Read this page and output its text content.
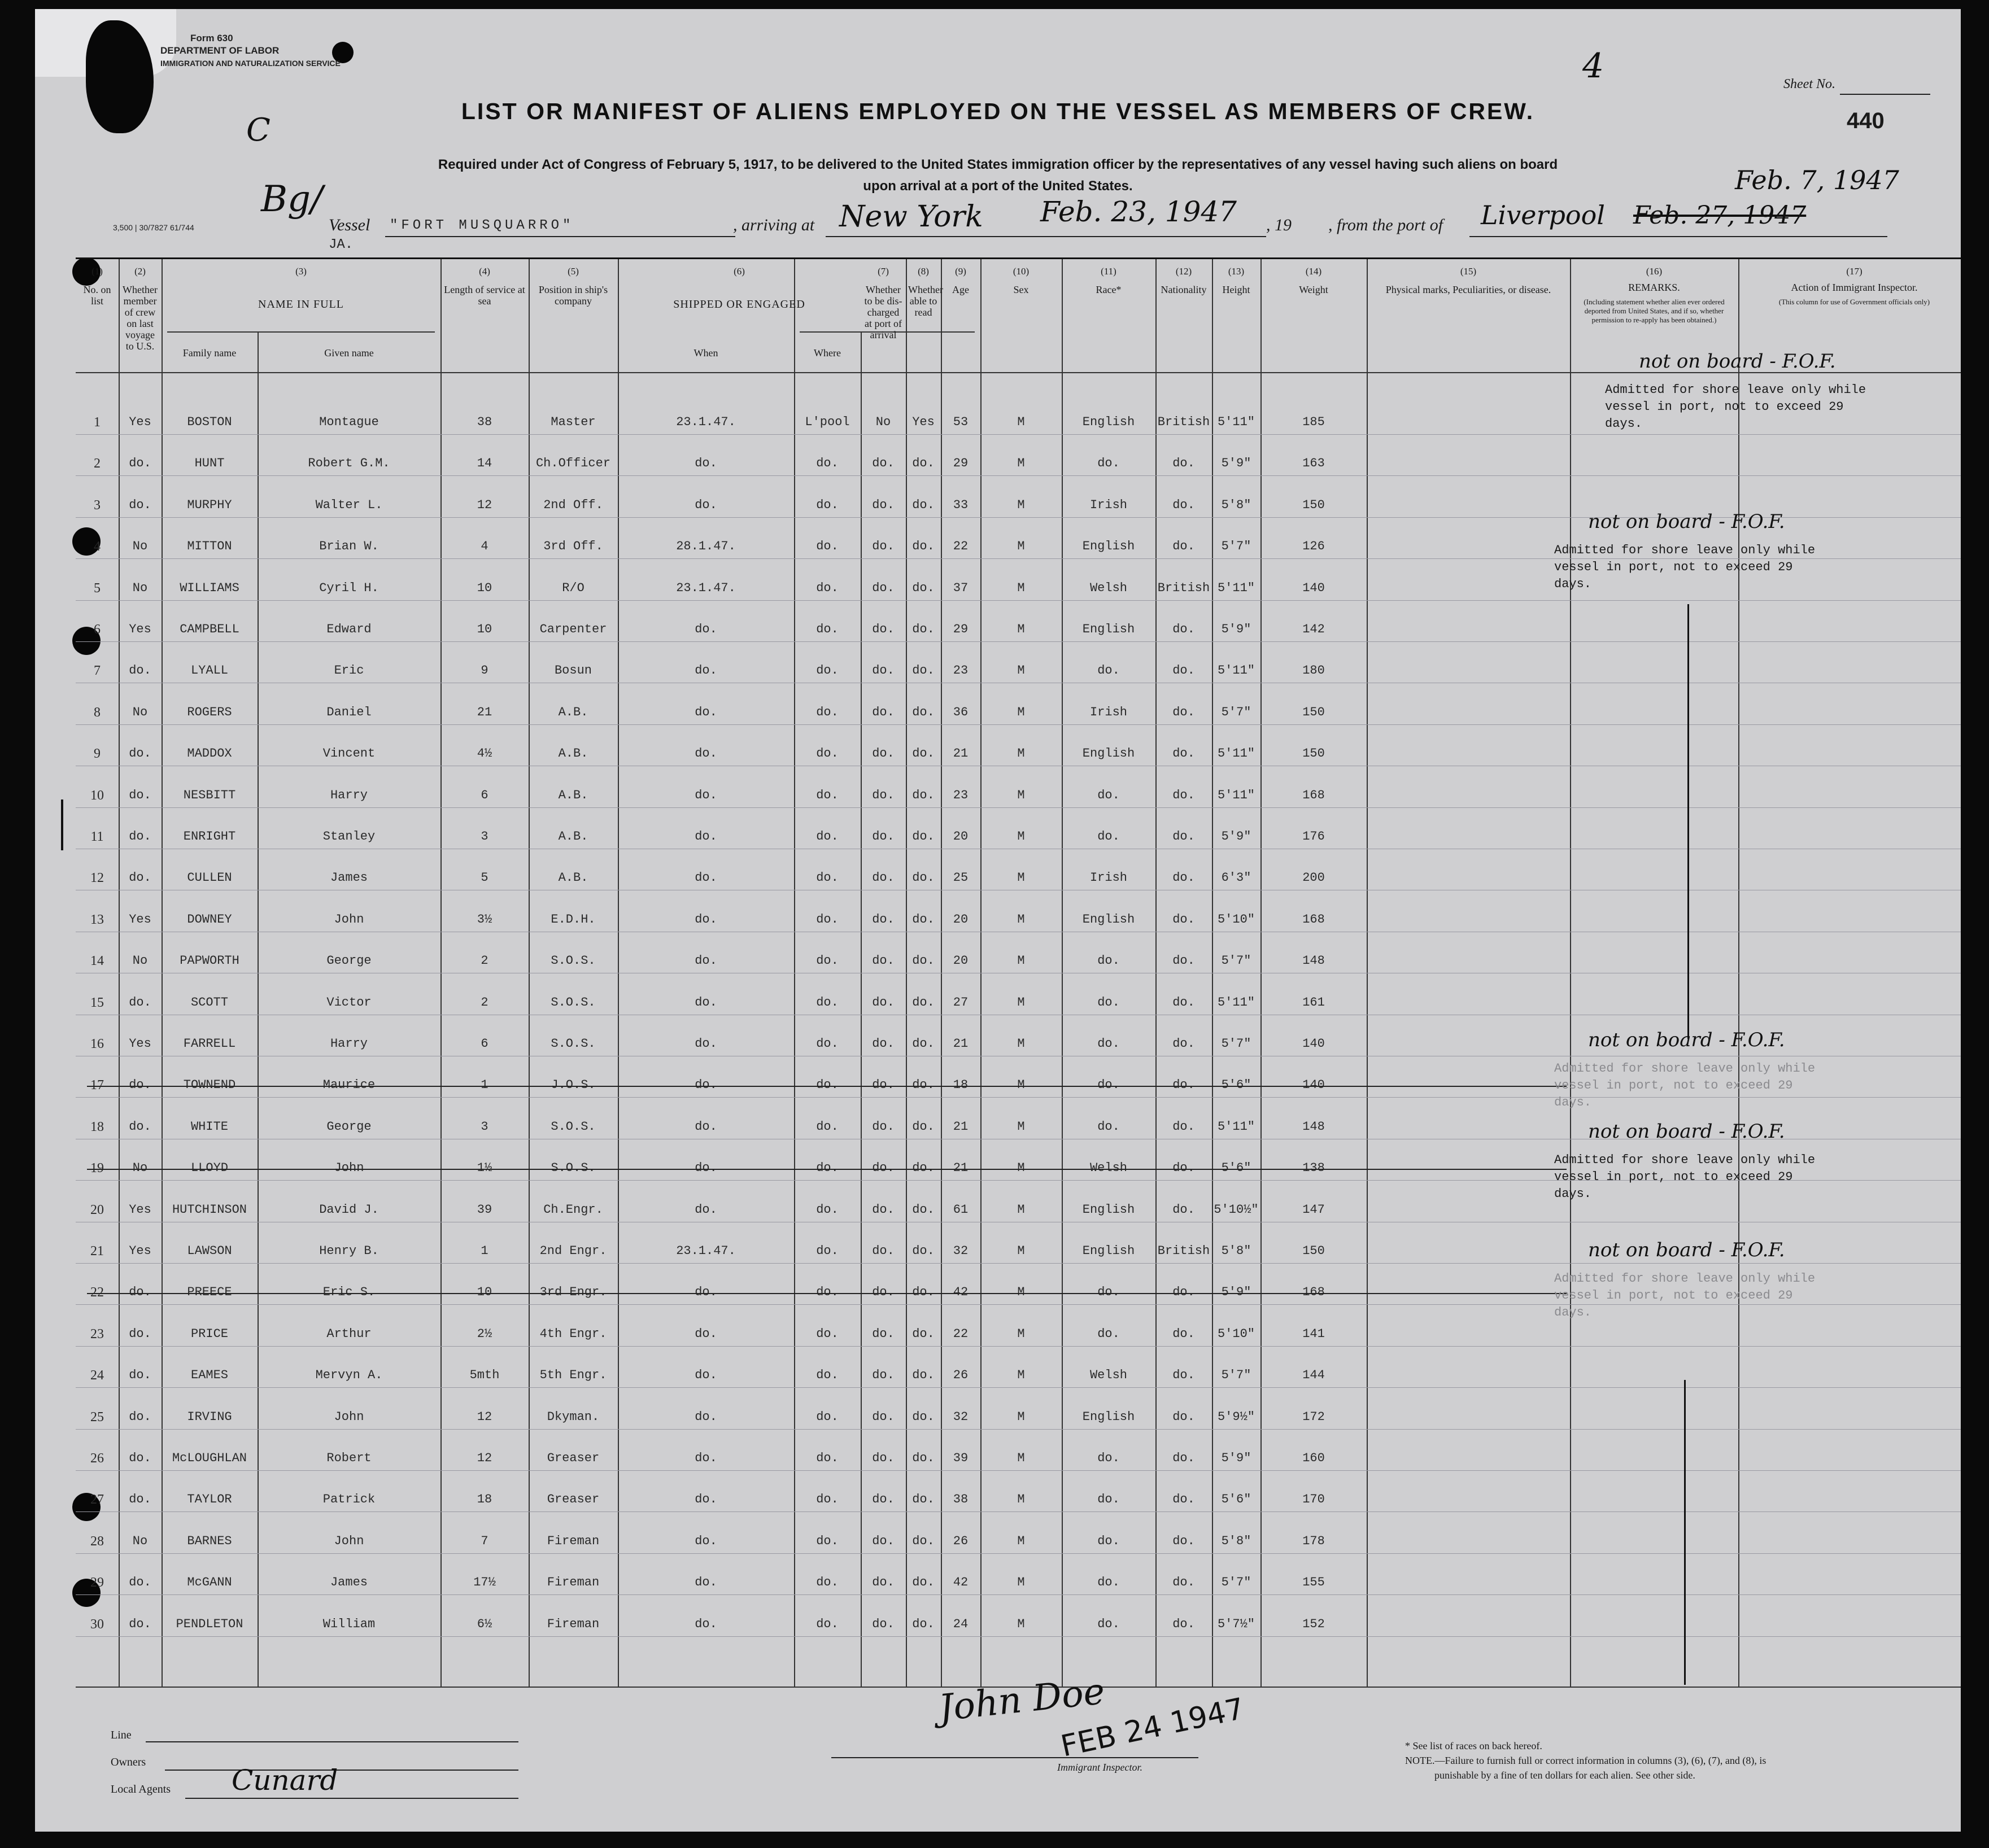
Form 630
DEPARTMENT OF LABOR
IMMIGRATION AND NATURALIZATION SERVICE
C
3,500 | 30/7827 61/744
4	Sheet No.
440
LIST OR MANIFEST OF ALIENS EMPLOYED ON THE VESSEL AS MEMBERS OF CREW.
Required under Act of Congress of February 5, 1917, to be delivered to the United States immigration officer by the representatives of any vessel having such aliens on board
upon arrival at a port of the United States.
Bg/
Vessel "FORT MUSQUARRO"
JA.
, arriving at New York Feb. 23, 1947 , 19 , from the port of Liverpool Feb. 27, 1947
Feb. 7, 1947
(1)
No. on list
(2)
Whether member of crew on last voyage to U.S.
(3)
NAME IN FULL
Family name	Given name
(4)
Length of service at sea
(5)
Position in ship's company
(6)
SHIPPED OR ENGAGED
When	Where
(7)
Whether to be dis-charged at port of arrival
(8)
Whether able to read
(9)
Age
(10)
Sex
(11)
Race*
(12)
Nationality
(13)
Height
(14)
Weight
(15)
Physical marks, Peculiarities, or disease.
(16)
REMARKS.
(Including statement whether alien ever ordered deported from United States, and if so, whether permission to re-apply has been obtained.)
(17)
Action of Immigrant Inspector.
(This column for use of Government officials only)
1	Yes	BOSTON	Montague	38	Master	23.1.47.	L'pool	No	Yes	53	M	English	British 5'11"	185
2	do.	HUNT	Robert G.M.	14	Ch.Officer	do.	do.	do.	do.	29	M	do.	do.	5'9"	163
3	do.	MURPHY	Walter L.	12	2nd Off.	do.	do.	do.	do.	33	M	Irish	do.	5'8"	150
4	No	MITTON	Brian W.	4	3rd Off.	28.1.47.	do.	do.	do.	22	M	English	do.	5'7"	126
5	No	WILLIAMS	Cyril H.	10	R/O	23.1.47.	do.	do.	do.	37	M	Welsh	British 5'11"	140
6	Yes	CAMPBELL	Edward	10	Carpenter	do.	do.	do.	do.	29	M	English	do.	5'9"	142
7	do.	LYALL	Eric	9	Bosun	do.	do.	do.	do.	23	M	do.	do.	5'11"	180
8	No	ROGERS	Daniel	21	A.B.	do.	do.	do.	do.	36	M	Irish	do.	5'7"	150
9	do.	MADDOX	Vincent	4½	A.B.	do.	do.	do.	do.	21	M	English	do.	5'11"	150
10	do.	NESBITT	Harry	6	A.B.	do.	do.	do.	do.	23	M	do.	do.	5'11"	168
11	do.	ENRIGHT	Stanley	3	A.B.	do.	do.	do.	do.	20	M	do.	do.	5'9"	176
12	do.	CULLEN	James	5	A.B.	do.	do.	do.	do.	25	M	Irish	do.	6'3"	200
13	Yes	DOWNEY	John	3½	E.D.H.	do.	do.	do.	do.	20	M	English	do.	5'10"	168
14	No	PAPWORTH	George	2	S.O.S.	do.	do.	do.	do.	20	M	do.	do.	5'7"	148
15	do.	SCOTT	Victor	2	S.O.S.	do.	do.	do.	do.	27	M	do.	do.	5'11"	161
16	Yes	FARRELL	Harry	6	S.O.S.	do.	do.	do.	do.	21	M	do.	do.	5'7"	140
17	do.	TOWNEND	Maurice	1	J.O.S.	do.	do.	do.	do.	18	M	do.	do.	5'6"	140
18	do.	WHITE	George	3	S.O.S.	do.	do.	do.	do.	21	M	do.	do.	5'11"	148
19	No	LLOYD	John	1½	S.O.S.	do.	do.	do.	do.	21	M	Welsh	do.	5'6"	138
20	Yes	HUTCHINSON	David J.	39	Ch.Engr.	do.	do.	do.	do.	61	M	English	do.	5'10½"	147
21	Yes	LAWSON	Henry B.	1	2nd Engr.	23.1.47.	do.	do.	do.	32	M	English	British 5'8"	150
22	do.	PREECE	Eric S.	10	3rd Engr.	do.	do.	do.	do.	42	M	do.	do.	5'9"	168
23	do.	PRICE	Arthur	2½	4th Engr.	do.	do.	do.	do.	22	M	do.	do.	5'10"	141
24	do.	EAMES	Mervyn A.	5mth	5th Engr.	do.	do.	do.	do.	26	M	Welsh	do.	5'7"	144
25	do.	IRVING	John	12	Dkyman.	do.	do.	do.	do.	32	M	English	do.	5'9½"	172
26	do.	McLOUGHLAN	Robert	12	Greaser	do.	do.	do.	do.	39	M	do.	do.	5'9"	160
27	do.	TAYLOR	Patrick	18	Greaser	do.	do.	do.	do.	38	M	do.	do.	5'6"	170
28	No	BARNES	John	7	Fireman	do.	do.	do.	do.	26	M	do.	do.	5'8"	178
29	do.	McGANN	James	17½	Fireman	do.	do.	do.	do.	42	M	do.	do.	5'7"	155
30	do.	PENDLETON	William	6½	Fireman	do.	do.	do.	do.	24	M	do.	do.	5'7½"	152
not on board - F.O.F.
Admitted for shore leave only while vessel in port, not to exceed 29 days.
not on board - F.O.F.
Admitted for shore leave only while vessel in port, not to exceed 29 days.
not on board - F.O.F.
Admitted for shore leave only while vessel in port, not to exceed 29 days.
not on board - F.O.F.
Admitted for shore leave only while vessel in port, not to exceed 29 days.
not on board - F.O.F.
Admitted for shore leave only while vessel in port, not to exceed 29 days.
Line
Owners
Local Agents Cunard
John Doe
FEB 24 1947
Immigrant Inspector.
* See list of races on back hereof.
NOTE.—Failure to furnish full or correct information in columns (3), (6), (7), and (8), is
punishable by a fine of ten dollars for each alien. See other side.
